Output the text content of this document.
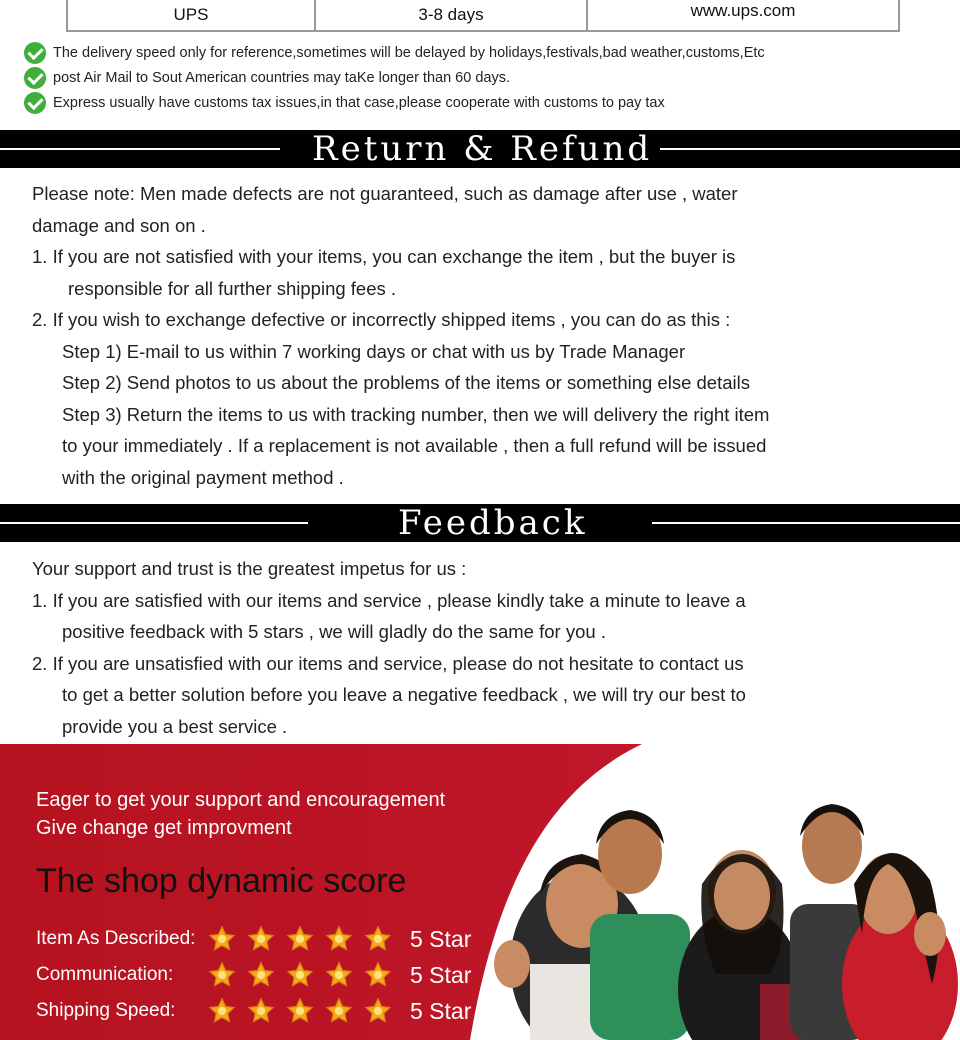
UPS	3-8 days	www.ups.com
The delivery speed only for reference,sometimes will be delayed by holidays,festivals,bad weather,customs,Etc
post Air Mail to Sout American countries may taKe longer than 60 days.
Express usually have customs tax issues,in that case,please cooperate with customs to pay tax
Return & Refund

Please note: Men made defects are not guaranteed, such as damage after use , water

damage and son on .

1. If you are not satisfied with your items, you can exchange the item , but the buyer is

responsible for all further shipping fees .

2. If you wish to exchange defective or incorrectly shipped items , you can do as this :

Step 1) E-mail to us within 7 working days or chat with us by Trade Manager

Step 2) Send photos to us about the problems of the items or something else details

Step 3) Return the items to us with tracking number, then we will delivery the right item

to your immediately . If a replacement is not available , then a full refund will be issued

with the original payment method .

Feedback

Your support and trust is the greatest impetus for us :

1. If you are satisfied with our items and service , please kindly take a minute to leave a

positive feedback with 5 stars , we will gladly do the same for you .

2. If you are unsatisfied with our items and service, please do not hesitate to contact us

to get a better solution before you leave a negative feedback , we will try our best to

provide you a best service .

Eager to get your support and encouragement
Give change get improvment
The shop dynamic score
Item As Described:	5 Star
Communication:	5 Star
Shipping Speed:	5 Star
